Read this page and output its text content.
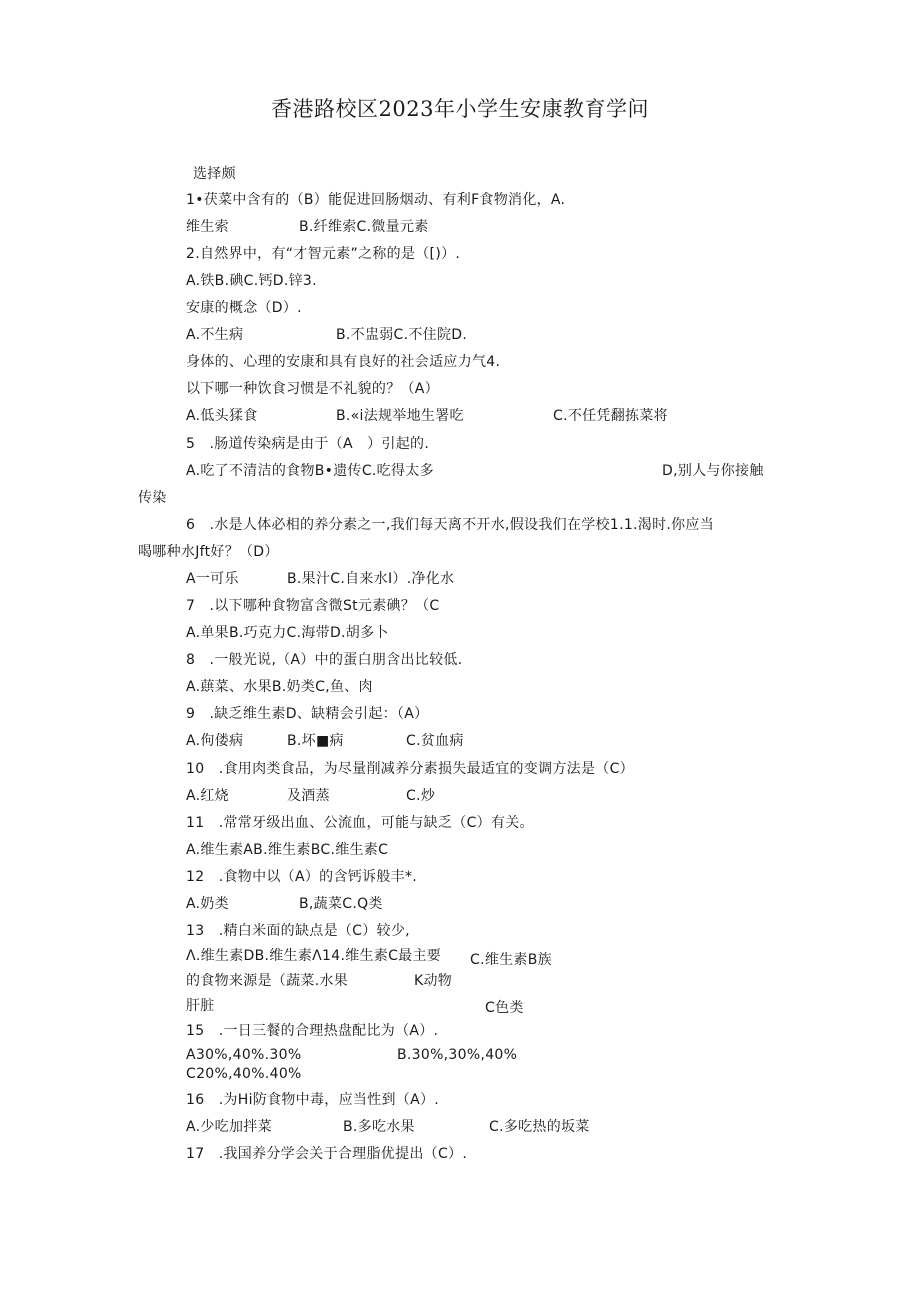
香港路校区2023年小学生安康教育学问
选择颇
1•茯菜中含有的（B）能促进回肠烟动、有利F食物消化，A.
维生索	B.纤维索C.微量元素
2.自然界中，有“才智元素”之称的是（[)）.
A.铁B.碘C.钙D.锌3.
安康的概念（D）.
A.不生病	B.不盅弱C.不住院D.
身体的、心理的安康和具有良好的社会适应力气4.
以下哪一种饮食习惯是不礼貌的？（A）
A.低头猱食	B.«i法规举地生署吃	C.不任凭翻拣菜将
5　.肠道传染病是由于（A　）引起的.
A.吃了不清洁的食物B•遗传C.吃得太多	D,别人与你接触
传染
6　.水是人体必相的养分素之一,我们每天离不开水,假设我们在学校1.1.渴时.你应当
喝哪种水Jft好？（D）
A一可乐	B.果汁C.自来水I）.净化水
7　.以下哪种食物富含微St元素碘？（C
A.单果B.巧克力C.海带D.胡多卜
8　.一般光说,（A）中的蛋白朋含出比较低.
A.蕻菜、水果B.奶类C,鱼、肉
9　.缺乏维生素D、缺精会引起：（A）
A.佝偻病	B.坏■病	C.贫血病
10　.食用肉类食品，为尽量削减养分素损失最适宜的变调方法是（C）
A.红烧	及酒蒸	C.炒
11　.常常牙级出血、公流血，可能与缺乏（C）有关。
A.维生素AB.维生素BC.维生素C
12　.食物中以（A）的含钙诉般丰*.
A.奶类	B,蔬菜C.Q类
13　.精白米面的缺点是（C）较少,
Λ.维生素DB.维生素Λ14.维生素C最主要 C.维生素B族
的食物来源是（蔬菜.水果	K动物
肝脏	C色类
15　.一日三餐的合理热盘配比为（A）.
A30%,40%.30%	B.30%,30%,40%
C20%,40%.40%
16　.为Hi防食物中毒，应当性到（A）.
A.少吃加拌菜	B.多吃水果	C.多吃热的坂菜
17　.我国养分学会关于合理脂优提出（C）.
